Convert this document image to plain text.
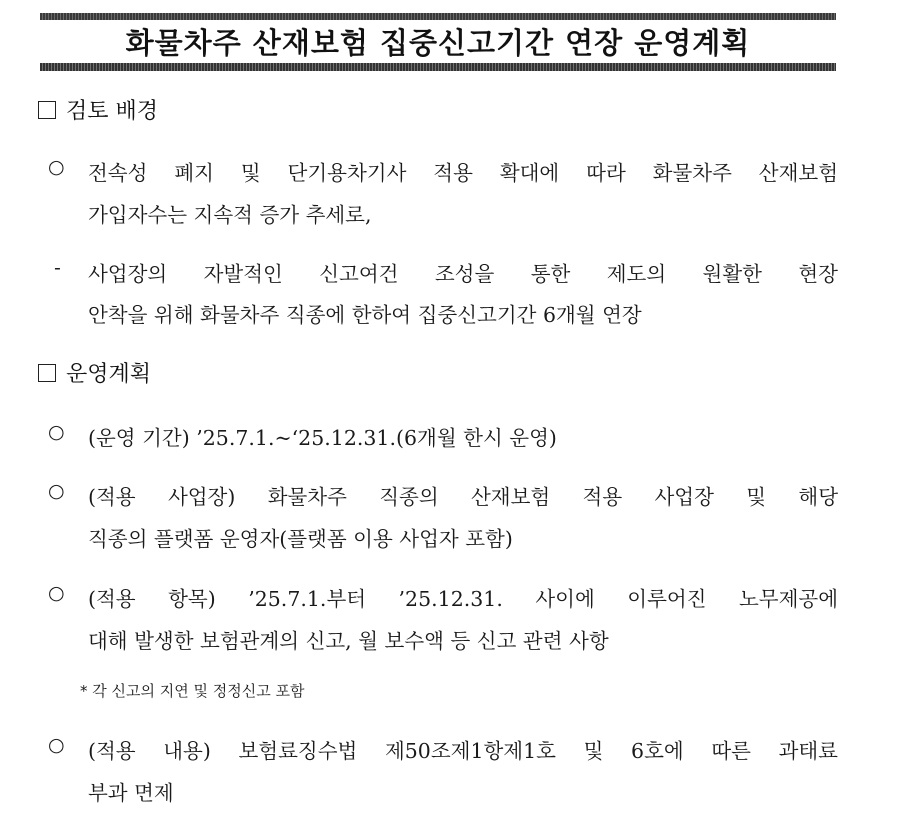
화물차주 산재보험 집중신고기간 연장 운영계획
검토 배경
○	전속성 폐지 및 단기용차기사 적용 확대에 따라 화물차주 산재보험
가입자수는 지속적 증가 추세로,
-	사업장의 자발적인 신고여건 조성을 통한 제도의 원활한 현장
안착을 위해 화물차주 직종에 한하여 집중신고기간 6개월 연장
운영계획
○	(운영 기간) ’25.7.1.~‘25.12.31.(6개월 한시 운영)
○	(적용 사업장) 화물차주 직종의 산재보험 적용 사업장 및 해당
직종의 플랫폼 운영자(플랫폼 이용 사업자 포함)
○	(적용 항목) ’25.7.1.부터 ’25.12.31. 사이에 이루어진 노무제공에
대해 발생한 보험관계의 신고, 월 보수액 등 신고 관련 사항
* 각 신고의 지연 및 정정신고 포함
○	(적용 내용) 보험료징수법 제50조제1항제1호 및 6호에 따른 과태료
부과 면제
